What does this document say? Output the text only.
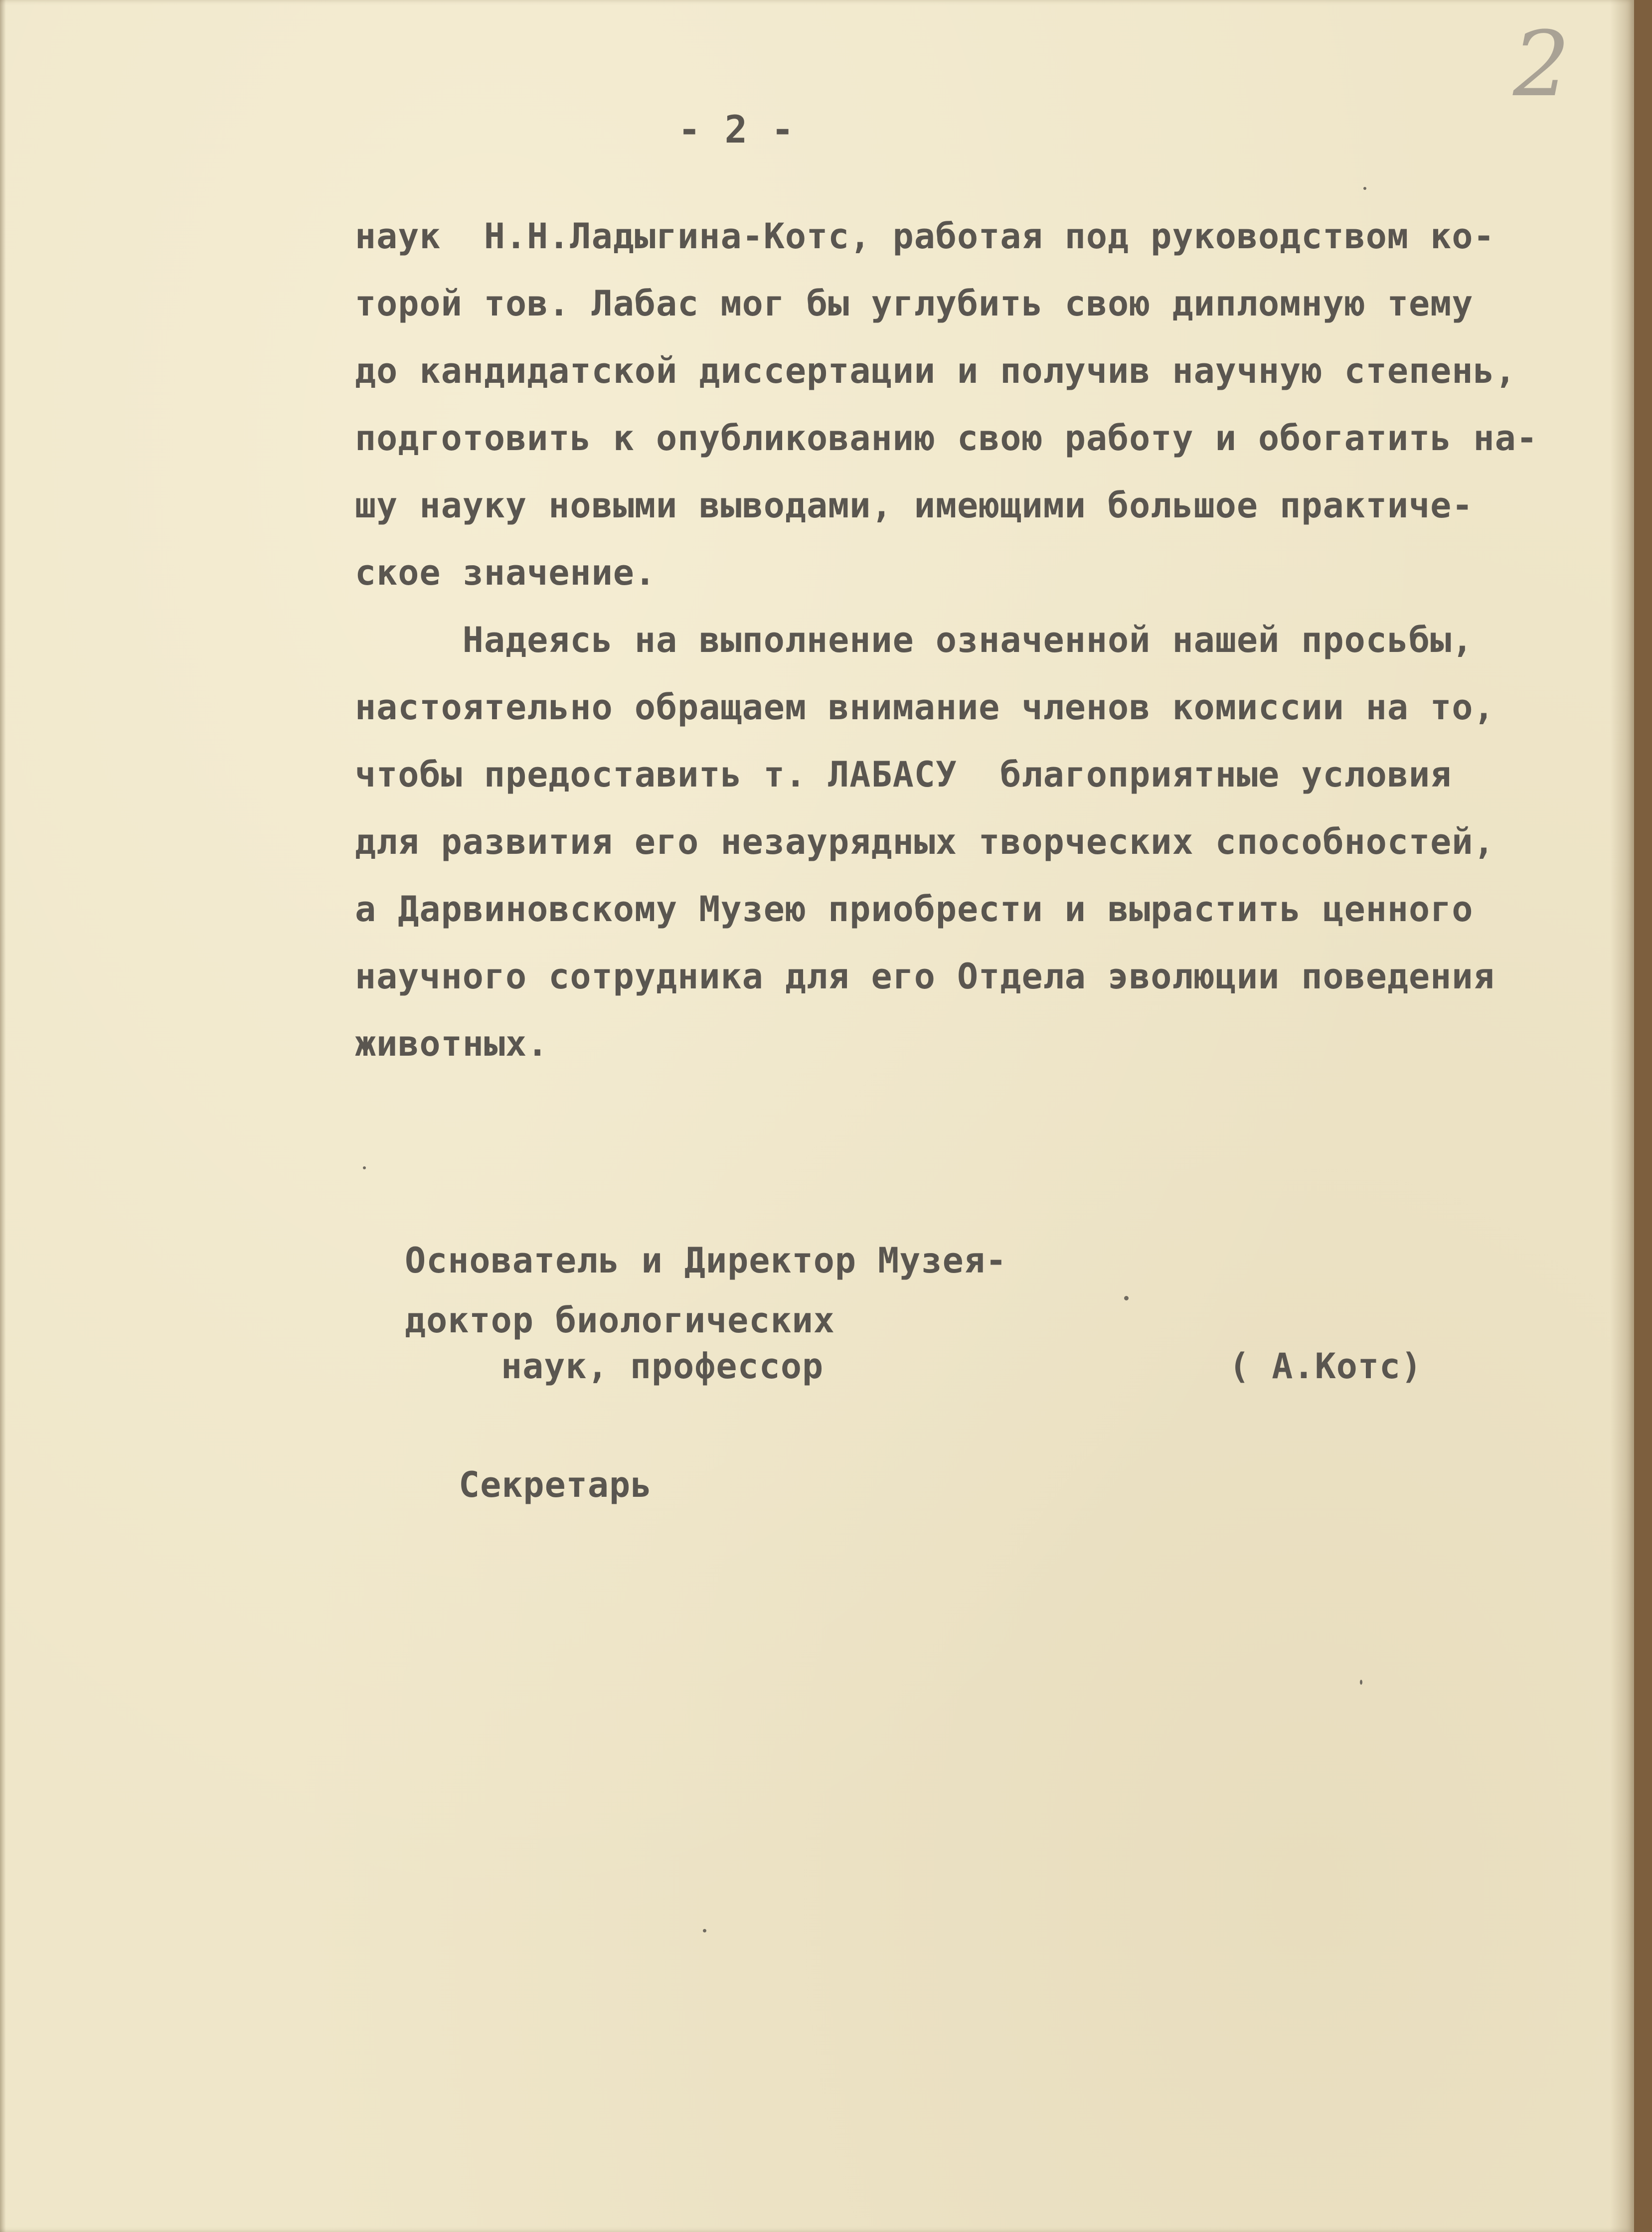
2
- 2 -
наук  Н.Н.Ладыгина-Котс, работая под руководством ко-
торой тов. Лабас мог бы углубить свою дипломную тему
до кандидатской диссертации и получив научную степень,
подготовить к опубликованию свою работу и обогатить на-
шу науку новыми выводами, имеющими большое практиче-
ское значение.
Надеясь на выполнение означенной нашей просьбы,
настоятельно обращаем внимание членов комиссии на то,
чтобы предоставить т. ЛАБАСУ  благоприятные условия
для развития его незаурядных творческих способностей,
а Дарвиновскому Музею приобрести и вырастить ценного
научного сотрудника для его Отдела эволюции поведения
животных.
Основатель и Директор Музея-
доктор биологических
наук, профессор	( А.Котс)
Секретарь
